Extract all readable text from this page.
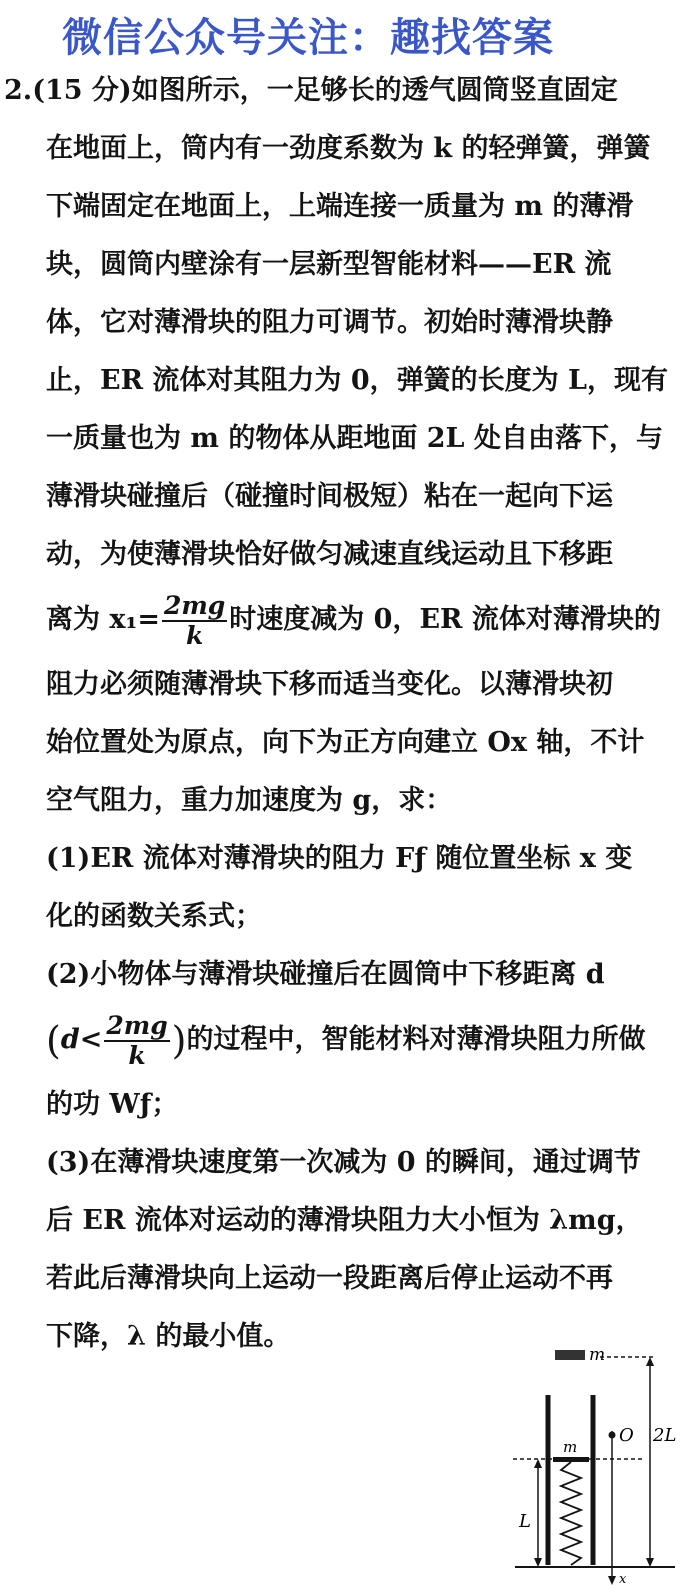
微信公众号关注：趣找答案
2.(15 分)如图所示，一足够长的透气圆筒竖直固定
在地面上，筒内有一劲度系数为 k 的轻弹簧，弹簧
下端固定在地面上，上端连接一质量为 m 的薄滑
块，圆筒内壁涂有一层新型智能材料——ER 流
体，它对薄滑块的阻力可调节。初始时薄滑块静
止，ER 流体对其阻力为 0，弹簧的长度为 L，现有
一质量也为 m 的物体从距地面 2L 处自由落下，与
薄滑块碰撞后（碰撞时间极短）粘在一起向下运
动，为使薄滑块恰好做匀减速直线运动且下移距
离为 $x_1= \frac{2mg}{k}$ 时速度减为 0，ER 流体对薄滑块的
阻力必须随薄滑块下移而适当变化。以薄滑块初
始位置处为原点，向下为正方向建立 Ox 轴，不计
空气阻力，重力加速度为 g，求：
(1)ER 流体对薄滑块的阻力 Fƒ 随位置坐标 x 变
化的函数关系式；
(2)小物体与薄滑块碰撞后在圆筒中下移距离 d
($d< \frac{2mg}{k}$ )的过程中，智能材料对薄滑块阻力所做
的功 Wƒ；
(3)在薄滑块速度第一次减为 0 的瞬间，通过调节
后 ER 流体对运动的薄滑块阻力大小恒为 λmg，
若此后薄滑块向上运动一段距离后停止运动不再
下降，λ 的最小值。
m
m
L
O
x
2L
